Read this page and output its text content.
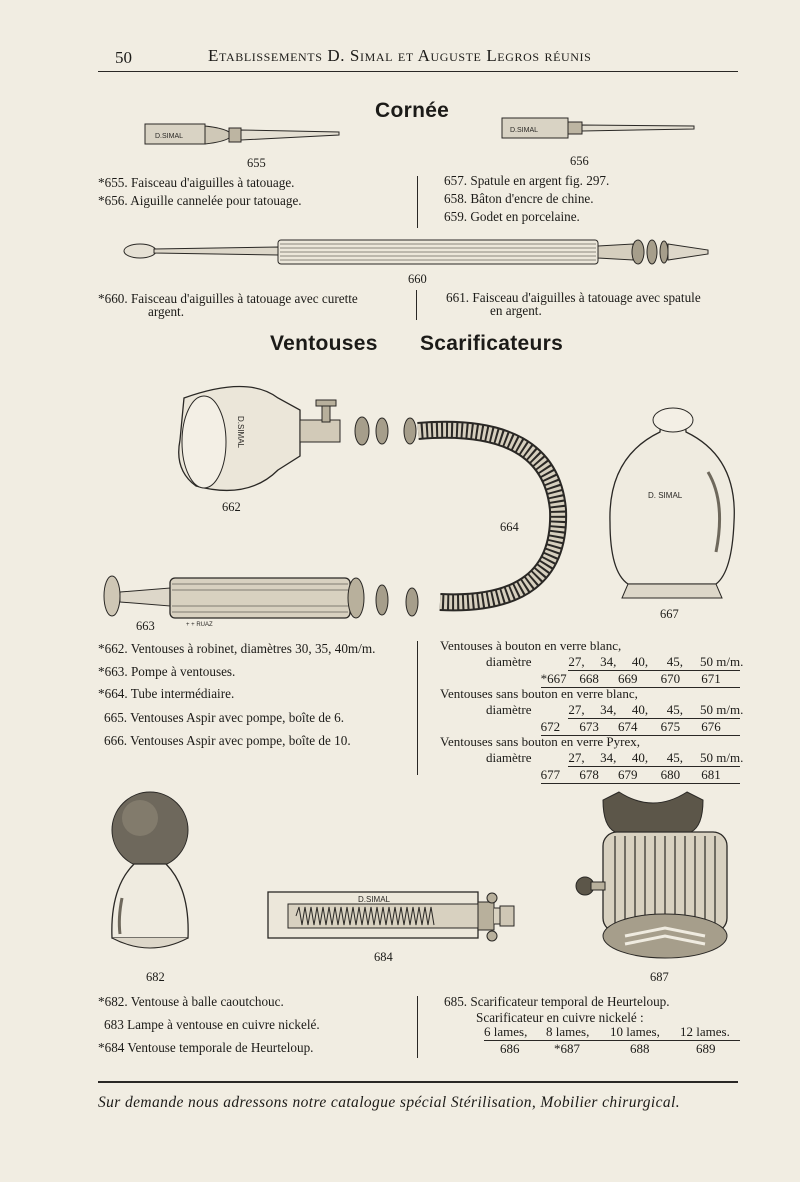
50	Etablissements D. Simal et Auguste Legros réunis
Cornée
D.SIMAL
655
D.SIMAL
656
*655. Faisceau d'aiguilles à tatouage.
*656. Aiguille cannelée pour tatouage.
657. Spatule en argent fig. 297.
658. Bâton d'encre de chine.
659. Godet en porcelaine.
660
*660. Faisceau d'aiguilles à tatouage avec curette
argent.
661. Faisceau d'aiguilles à tatouage avec spatule
en argent.
Ventouses Scarificateurs
D.SIMAL
+ + RUAZ
662
664
663
D. SIMAL
667
*662. Ventouses à robinet, diamètres 30, 35, 40m/m.
*663. Pompe à ventouses.
*664. Tube intermédiaire.
665. Ventouses Aspir avec pompe, boîte de 6.
666. Ventouses Aspir avec pompe, boîte de 10.
Ventouses à bouton en verre blanc,
diamètre	27,	34,	40,	45,	50 m/m.
*667 668	669	670	671
Ventouses sans bouton en verre blanc,
diamètre	27,	34,	40,	45,	50 m/m.
672	673	674	675	676
Ventouses sans bouton en verre Pyrex,
diamètre	27,	34,	40,	45,	50 m/m.
677	678	679	680	681
682
D.SIMAL
684
687
*682. Ventouse à balle caoutchouc.
683 Lampe à ventouse en cuivre nickelé.
*684 Ventouse temporale de Heurteloup.
685. Scarificateur temporal de Heurteloup.
Scarificateur en cuivre nickelé :
6 lames,	8 lames,	10 lames,	12 lames.
686	*687	688	689
Sur demande nous adressons notre catalogue spécial Stérilisation, Mobilier chirurgical.
